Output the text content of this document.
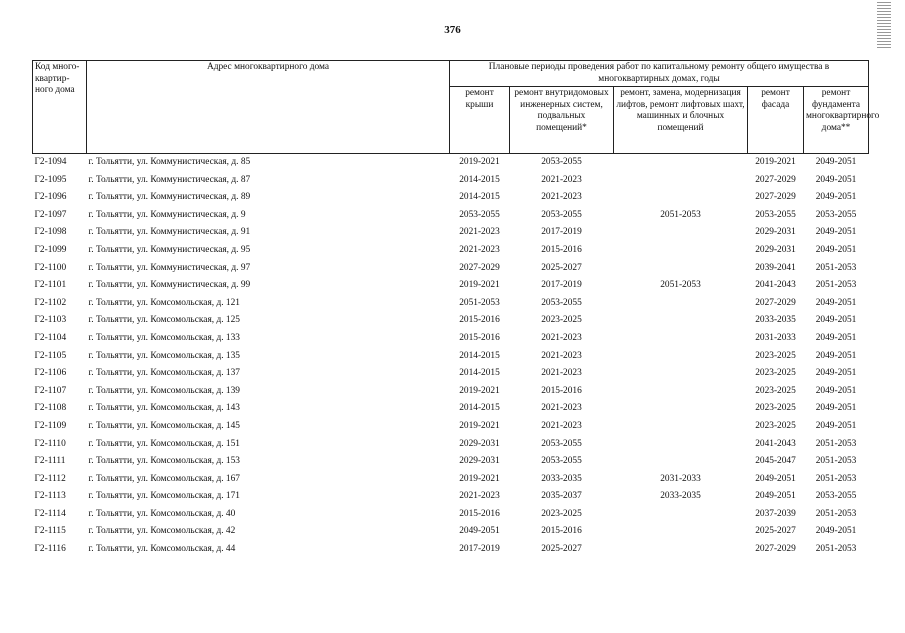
376
Код много-квартир-ного дома	Адрес многоквартирного дома	Плановые периоды проведения работ по капитальному ремонту общего имущества в многоквартирных домах, годы				
		ремонт крыши	ремонт внутридомовых инженерных систем, подвальных помещений*	ремонт, замена, модернизация лифтов, ремонт лифтовых шахт, машинных и блочных помещений	ремонт фасада	ремонт фундамента многоквартирного дома**
Г2-1094	г. Тольятти, ул. Коммунистическая, д. 85	2019-2021	2053-2055		2019-2021	2049-2051
Г2-1095	г. Тольятти, ул. Коммунистическая, д. 87	2014-2015	2021-2023		2027-2029	2049-2051
Г2-1096	г. Тольятти, ул. Коммунистическая, д. 89	2014-2015	2021-2023		2027-2029	2049-2051
Г2-1097	г. Тольятти, ул. Коммунистическая, д. 9	2053-2055	2053-2055	2051-2053	2053-2055	2053-2055
Г2-1098	г. Тольятти, ул. Коммунистическая, д. 91	2021-2023	2017-2019		2029-2031	2049-2051
Г2-1099	г. Тольятти, ул. Коммунистическая, д. 95	2021-2023	2015-2016		2029-2031	2049-2051
Г2-1100	г. Тольятти, ул. Коммунистическая, д. 97	2027-2029	2025-2027		2039-2041	2051-2053
Г2-1101	г. Тольятти, ул. Коммунистическая, д. 99	2019-2021	2017-2019	2051-2053	2041-2043	2051-2053
Г2-1102	г. Тольятти, ул. Комсомольская, д. 121	2051-2053	2053-2055		2027-2029	2049-2051
Г2-1103	г. Тольятти, ул. Комсомольская, д. 125	2015-2016	2023-2025		2033-2035	2049-2051
Г2-1104	г. Тольятти, ул. Комсомольская, д. 133	2015-2016	2021-2023		2031-2033	2049-2051
Г2-1105	г. Тольятти, ул. Комсомольская, д. 135	2014-2015	2021-2023		2023-2025	2049-2051
Г2-1106	г. Тольятти, ул. Комсомольская, д. 137	2014-2015	2021-2023		2023-2025	2049-2051
Г2-1107	г. Тольятти, ул. Комсомольская, д. 139	2019-2021	2015-2016		2023-2025	2049-2051
Г2-1108	г. Тольятти, ул. Комсомольская, д. 143	2014-2015	2021-2023		2023-2025	2049-2051
Г2-1109	г. Тольятти, ул. Комсомольская, д. 145	2019-2021	2021-2023		2023-2025	2049-2051
Г2-1110	г. Тольятти, ул. Комсомольская, д. 151	2029-2031	2053-2055		2041-2043	2051-2053
Г2-1111	г. Тольятти, ул. Комсомольская, д. 153	2029-2031	2053-2055		2045-2047	2051-2053
Г2-1112	г. Тольятти, ул. Комсомольская, д. 167	2019-2021	2033-2035	2031-2033	2049-2051	2051-2053
Г2-1113	г. Тольятти, ул. Комсомольская, д. 171	2021-2023	2035-2037	2033-2035	2049-2051	2053-2055
Г2-1114	г. Тольятти, ул. Комсомольская, д. 40	2015-2016	2023-2025		2037-2039	2051-2053
Г2-1115	г. Тольятти, ул. Комсомольская, д. 42	2049-2051	2015-2016		2025-2027	2049-2051
Г2-1116	г. Тольятти, ул. Комсомольская, д. 44	2017-2019	2025-2027		2027-2029	2051-2053
